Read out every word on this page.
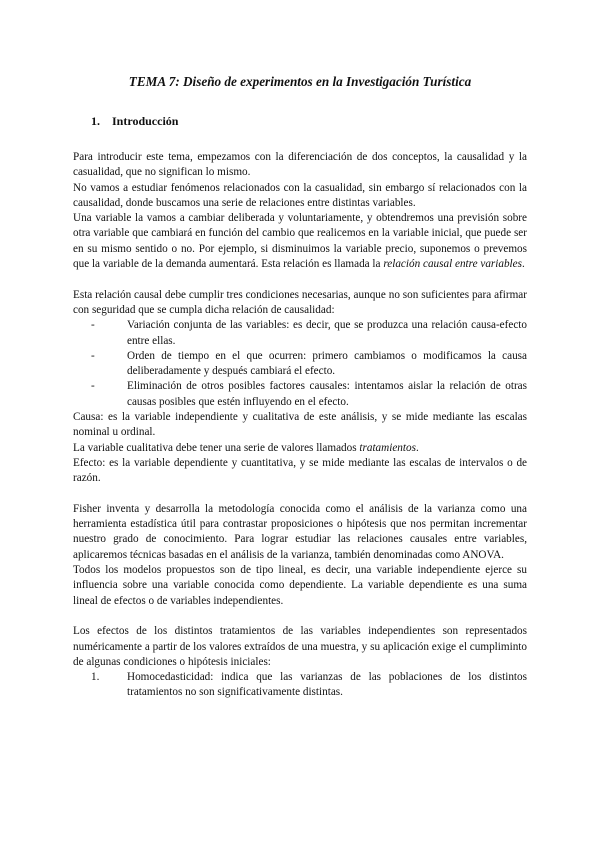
TEMA 7: Diseño de experimentos en la Investigación Turística
1. Introducción

Para introducir este tema, empezamos con la diferenciación de dos conceptos, la causalidad y la casualidad, que no significan lo mismo.

No vamos a estudiar fenómenos relacionados con la casualidad, sin embargo sí relacionados con la causalidad, donde buscamos una serie de relaciones entre distintas variables.

Una variable la vamos a cambiar deliberada y voluntariamente, y obtendremos una previsión sobre otra variable que cambiará en función del cambio que realicemos en la variable inicial, que puede ser en su mismo sentido o no. Por ejemplo, si disminuimos la variable precio, suponemos o prevemos que la variable de la demanda aumentará. Esta relación es llamada la relación causal entre variables.

Esta relación causal debe cumplir tres condiciones necesarias, aunque no son suficientes para afirmar con seguridad que se cumpla dicha relación de causalidad:

- Variación conjunta de las variables: es decir, que se produzca una relación causa-efecto entre ellas.
- Orden de tiempo en el que ocurren: primero cambiamos o modificamos la causa deliberadamente y después cambiará el efecto.
- Eliminación de otros posibles factores causales: intentamos aislar la relación de otras causas posibles que estén influyendo en el efecto.

Causa: es la variable independiente y cualitativa de este análisis, y se mide mediante las escalas nominal u ordinal.

La variable cualitativa debe tener una serie de valores llamados tratamientos.

Efecto: es la variable dependiente y cuantitativa, y se mide mediante las escalas de intervalos o de razón.

Fisher inventa y desarrolla la metodología conocida como el análisis de la varianza como una herramienta estadística útil para contrastar proposiciones o hipótesis que nos permitan incrementar nuestro grado de conocimiento. Para lograr estudiar las relaciones causales entre variables, aplicaremos técnicas basadas en el análisis de la varianza, también denominadas como ANOVA.

Todos los modelos propuestos son de tipo lineal, es decir, una variable independiente ejerce su influencia sobre una variable conocida como dependiente. La variable dependiente es una suma lineal de efectos o de variables independientes.

Los efectos de los distintos tratamientos de las variables independientes son representados numéricamente a partir de los valores extraídos de una muestra, y su aplicación exige el cumpliminto de algunas condiciones o hipótesis iniciales:

1. Homocedasticidad: indica que las varianzas de las poblaciones de los distintos tratamientos no son significativamente distintas.
